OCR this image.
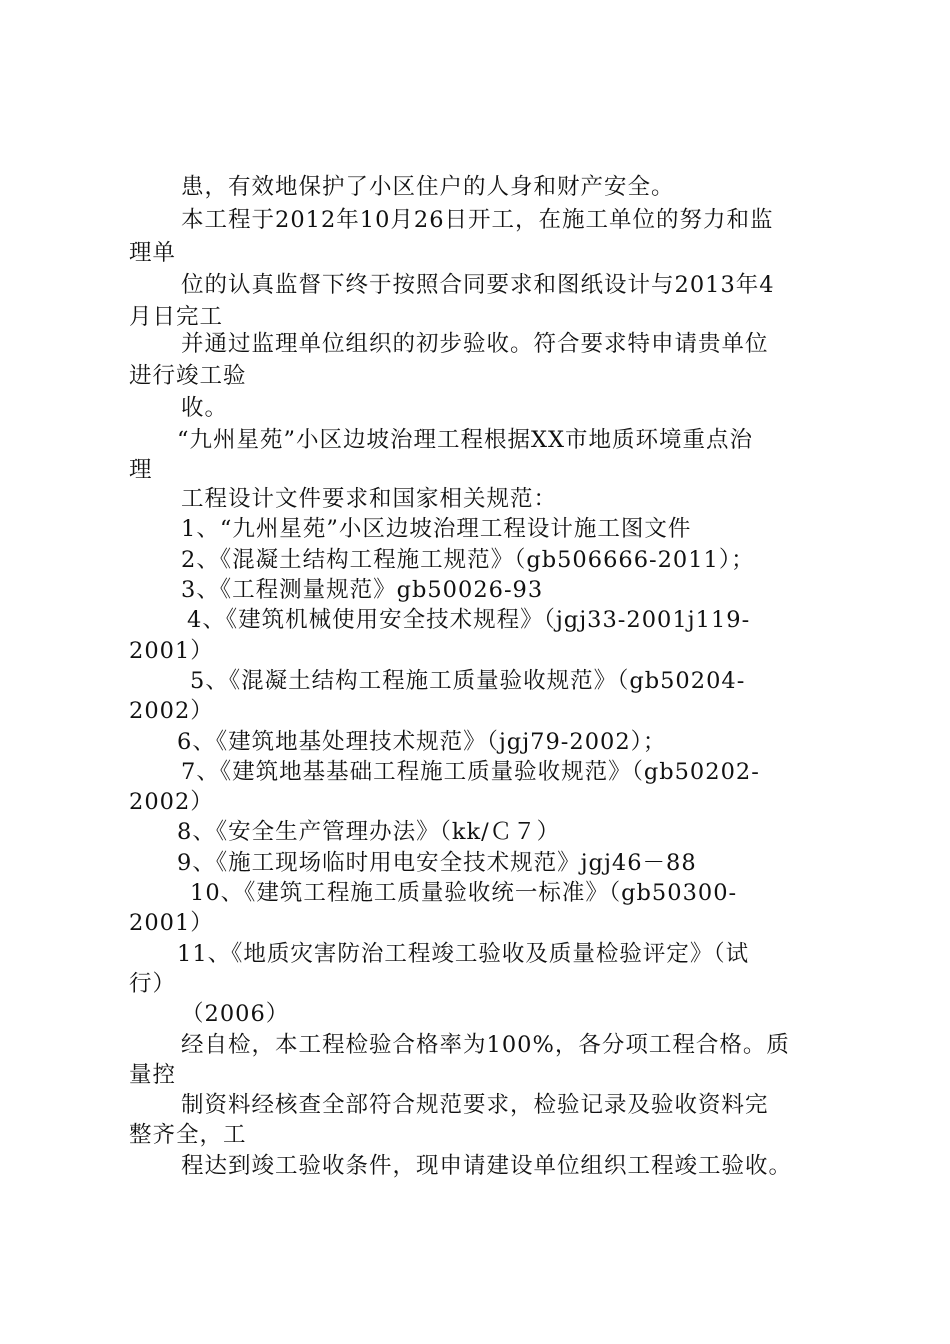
患，有效地保护了小区住户的人身和财产安全。
本工程于2012年10月26日开工，在施工单位的努力和监
理单
位的认真监督下终于按照合同要求和图纸设计与2013年4
月日完工
并通过监理单位组织的初步验收。符合要求特申请贵单位
进行竣工验
收。
“九州星苑”小区边坡治理工程根据XX市地质环境重点治
理
工程设计文件要求和国家相关规范：
1、“九州星苑”小区边坡治理工程设计施工图文件
2、《混凝土结构工程施工规范》（gb506666-2011）；
3、《工程测量规范》gb50026-93
4、《建筑机械使用安全技术规程》（jgj33-2001j119-
2001）
5、《混凝土结构工程施工质量验收规范》（gb50204-
2002）
6、《建筑地基处理技术规范》（jgj79-2002）；
7、《建筑地基基础工程施工质量验收规范》（gb50202-
2002）
8、《安全生产管理办法》（kk/Ｃ７）
9、《施工现场临时用电安全技术规范》jgj46－88
10、《建筑工程施工质量验收统一标准》（gb50300-
2001）
11、《地质灾害防治工程竣工验收及质量检验评定》（试
行）
（2006）
经自检，本工程检验合格率为100%，各分项工程合格。质
量控
制资料经核查全部符合规范要求，检验记录及验收资料完
整齐全，工
程达到竣工验收条件，现申请建设单位组织工程竣工验收。
